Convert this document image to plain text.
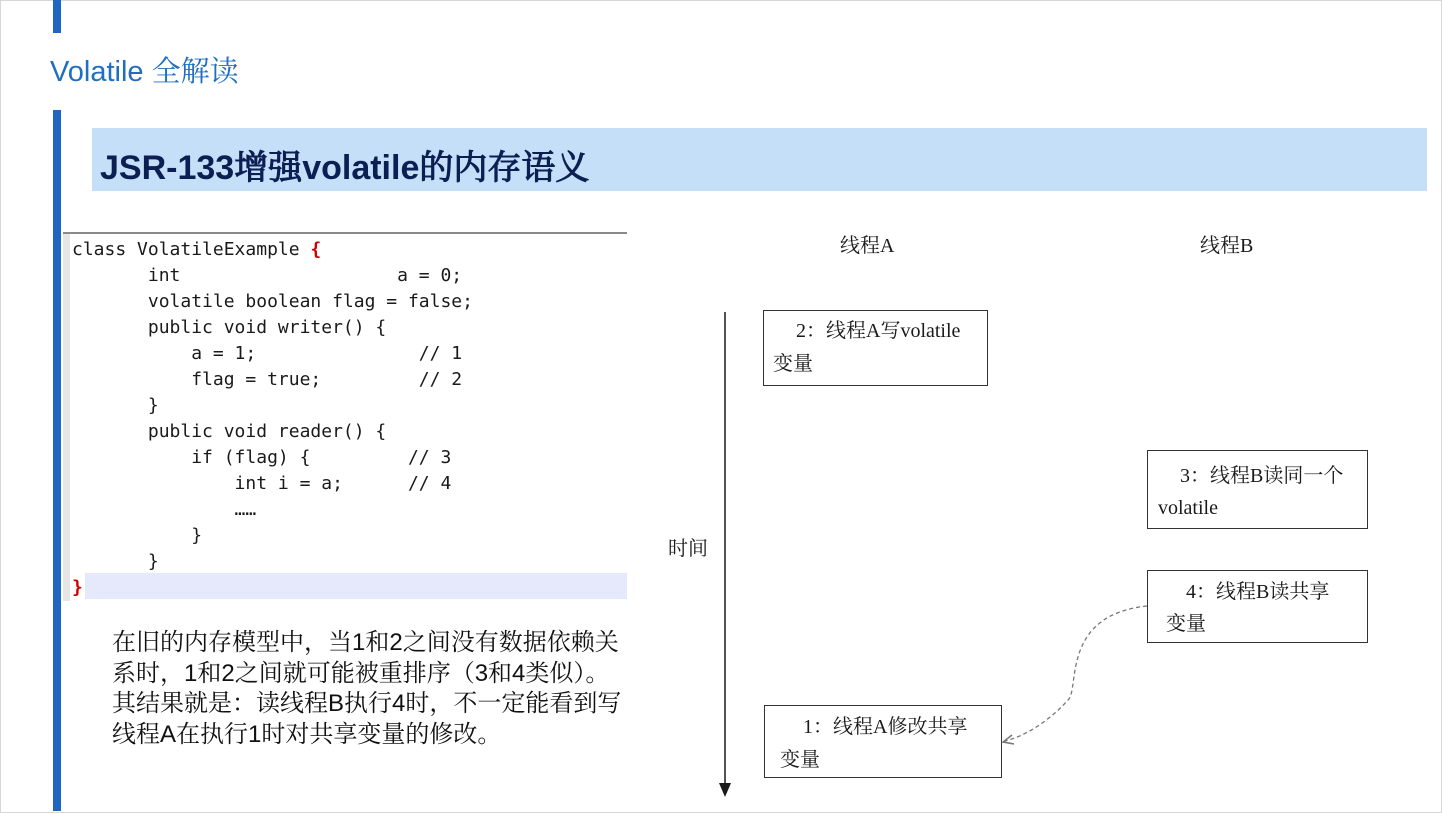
Volatile 全解读
JSR-133增强volatile的内存语义
class VolatileExample {
int                    a = 0;
volatile boolean flag = false;
public void writer() {
a = 1;               // 1
flag = true;         // 2
}
public void reader() {
if (flag) {         // 3
int i = a;      // 4
……
}
}
}
在旧的内存模型中，当1和2之间没有数据依赖关系时，1和2之间就可能被重排序（3和4类似）。其结果就是：读线程B执行4时，不一定能看到写线程A在执行1时对共享变量的修改。
线程A	线程B
时间
2：线程A写volatile
变量
3：线程B读同一个
volatile
4：线程B读共享
变量
1：线程A修改共享
变量
